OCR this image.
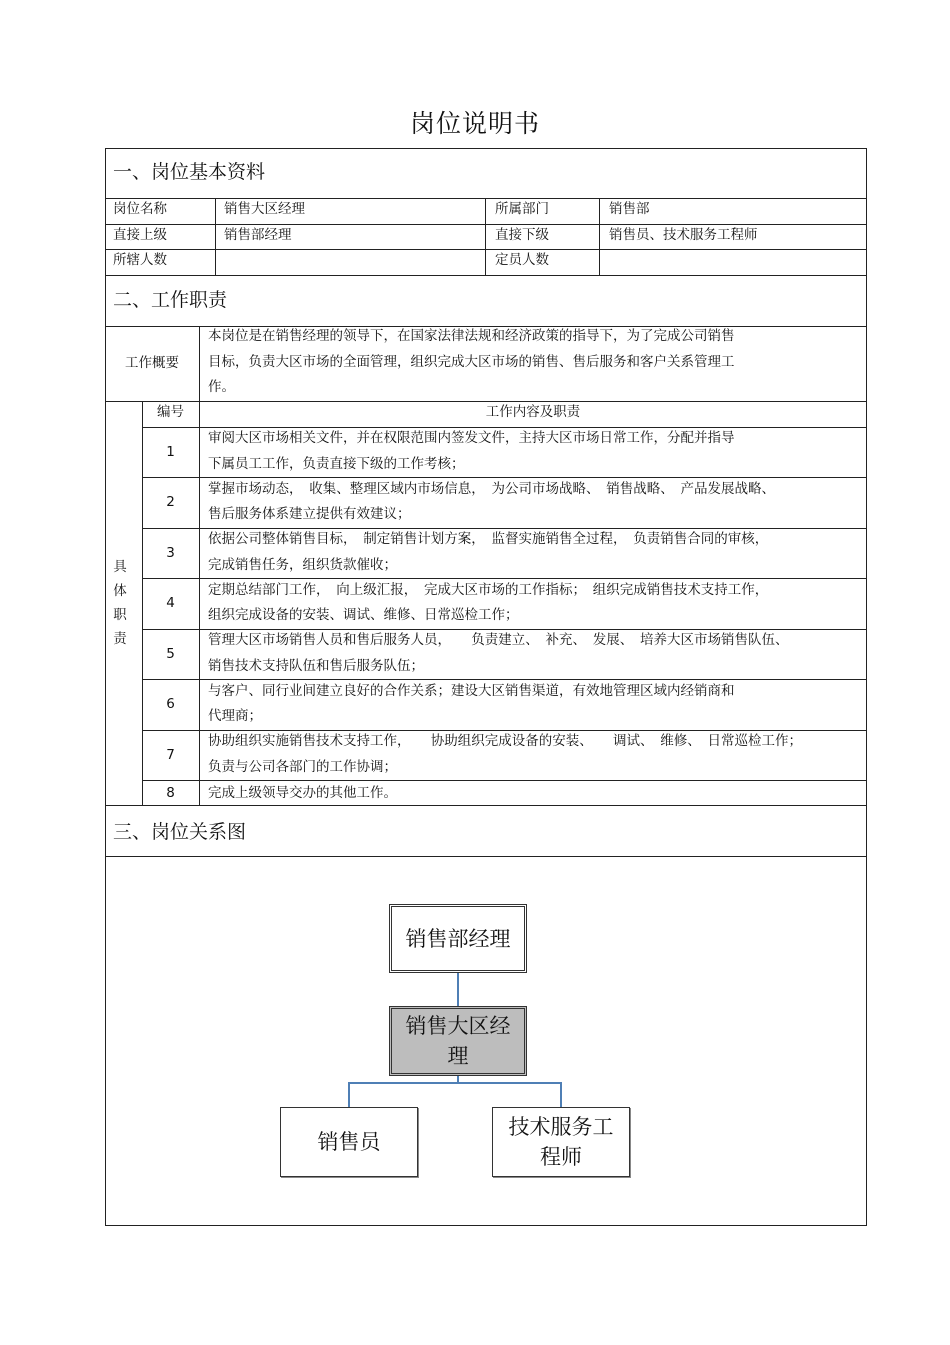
岗位说明书
一、岗位基本资料
岗位名称	销售大区经理	所属部门	销售部
直接上级	销售部经理	直接下级	销售员、技术服务工程师
所辖人数	定员人数
二、工作职责
工作概要
本岗位是在销售经理的领导下，在国家法律法规和经济政策的指导下，为了完成公司销售
目标，负责大区市场的全面管理，组织完成大区市场的销售、售后服务和客户关系管理工
作。
具
体
职
责
编号	工作内容及职责
1
审阅大区市场相关文件，并在权限范围内签发文件，主持大区市场日常工作，分配并指导
下属员工工作，负责直接下级的工作考核；
2
掌握市场动态，　收集、整理区域内市场信息，　为公司市场战略、　销售战略、　产品发展战略、
售后服务体系建立提供有效建议；
3
依据公司整体销售目标，　制定销售计划方案，　监督实施销售全过程，　负责销售合同的审核，
完成销售任务，组织货款催收；
4
定期总结部门工作，　向上级汇报，　完成大区市场的工作指标；　组织完成销售技术支持工作，
组织完成设备的安装、调试、维修、日常巡检工作；
5
管理大区市场销售人员和售后服务人员，　　负责建立、　补充、　发展、　培养大区市场销售队伍、
销售技术支持队伍和售后服务队伍；
6
与客户、同行业间建立良好的合作关系；建设大区销售渠道，有效地管理区域内经销商和
代理商；
7
协助组织实施销售技术支持工作，　　协助组织完成设备的安装、　　调试、　维修、　日常巡检工作；
负责与公司各部门的工作协调；
8	完成上级领导交办的其他工作。
三、岗位关系图
销售部经理
销售大区经
理
销售员
技术服务工
程师
